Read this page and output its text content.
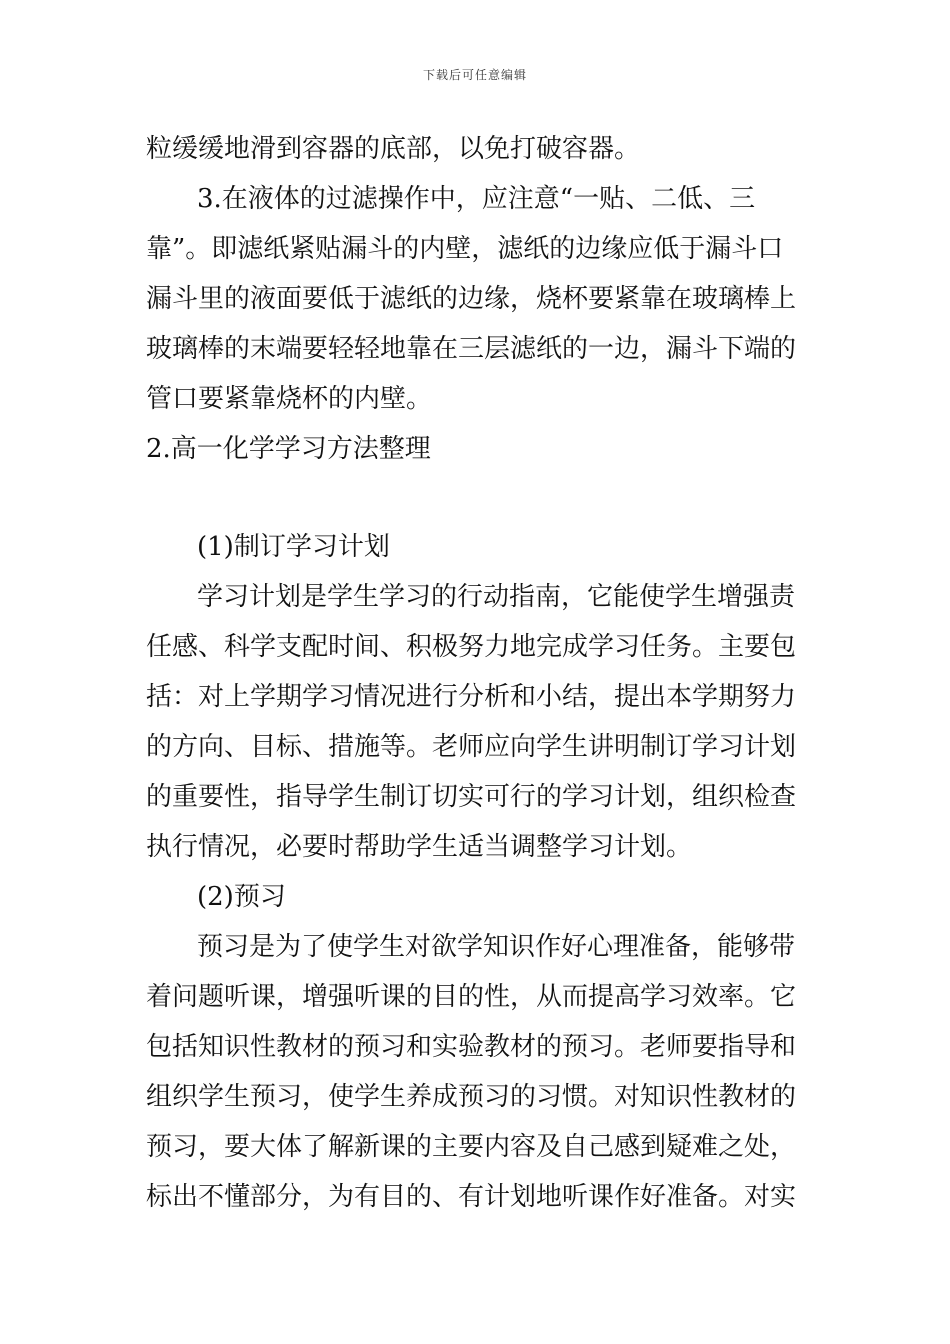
下载后可任意编辑
粒缓缓地滑到容器的底部，以免打破容器。
3.在液体的过滤操作中，应注意“一贴、二低、三
靠”。即滤纸紧贴漏斗的内壁，滤纸的边缘应低于漏斗口
漏斗里的液面要低于滤纸的边缘，烧杯要紧靠在玻璃棒上
玻璃棒的末端要轻轻地靠在三层滤纸的一边，漏斗下端的
管口要紧靠烧杯的内壁。
2.高一化学学习方法整理
(1)制订学习计划
学习计划是学生学习的行动指南，它能使学生增强责
任感、科学支配时间、积极努力地完成学习任务。主要包
括：对上学期学习情况进行分析和小结，提出本学期努力
的方向、目标、措施等。老师应向学生讲明制订学习计划
的重要性，指导学生制订切实可行的学习计划，组织检查
执行情况，必要时帮助学生适当调整学习计划。
(2)预习
预习是为了使学生对欲学知识作好心理准备，能够带
着问题听课，增强听课的目的性，从而提高学习效率。它
包括知识性教材的预习和实验教材的预习。老师要指导和
组织学生预习，使学生养成预习的习惯。对知识性教材的
预习，要大体了解新课的主要内容及自己感到疑难之处，
标出不懂部分，为有目的、有计划地听课作好准备。对实
